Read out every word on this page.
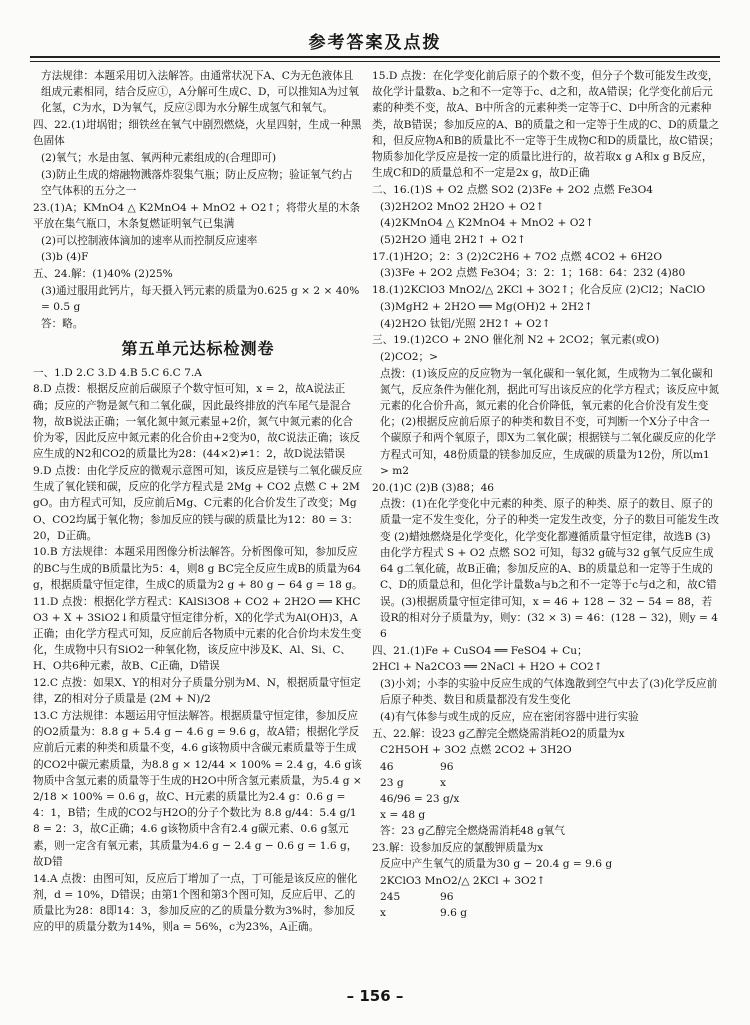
参考答案及点拨

方法规律：本题采用切入法解答。由通常状况下A、C为无色液体且组成元素相同，结合反应①，A分解可生成C、D，可以推知A为过氧化氢，C为水，D为氧气，反应②即为水分解生成氢气和氧气。

四、22.(1)坩埚钳；细铁丝在氧气中剧烈燃烧，火星四射，生成一种黑色固体

(2)氧气；水是由氢、氧两种元素组成的(合理即可)

(3)防止生成的熔融物溅落炸裂集气瓶；防止反应物；验证氧气约占空气体积的五分之一

23.(1)A；KMnO4 △ K2MnO4 + MnO2 + O2↑；将带火星的木条平放在集气瓶口，木条复燃证明氧气已集满

(2)可以控制液体滴加的速率从而控制反应速率

(3)b (4)F

五、24.解：(1)40% (2)25%

(3)通过服用此钙片，每天摄入钙元素的质量为0.625 g × 2 × 40% = 0.5 g

答：略。

第五单元达标检测卷

一、1.D 2.C 3.D 4.B 5.C 6.C 7.A

8.D 点拨：根据反应前后碳原子个数守恒可知，x = 2，故A说法正确；反应的产物是氮气和二氧化碳，因此最终排放的汽车尾气是混合物，故B说法正确；一氧化氮中氮元素显+2价，氮气中氮元素的化合价为零，因此反应中氮元素的化合价由+2变为0，故C说法正确；该反应生成的N2和CO2的质量比为28：(44×2)≠1：2，故D说法错误

9.D 点拨：由化学反应的微观示意图可知，该反应是镁与二氧化碳反应生成了氧化镁和碳，反应的化学方程式是 2Mg + CO2 点燃 C + 2MgO。由方程式可知，反应前后Mg、C元素的化合价发生了改变；MgO、CO2均属于氧化物；参加反应的镁与碳的质量比为12：80 = 3：20，D正确。

10.B 方法规律：本题采用图像分析法解答。分析图像可知，参加反应的BC与生成的B质量比为5：4，则8 g BC完全反应生成B的质量为64 g，根据质量守恒定律，生成C的质量为2 g + 80 g − 64 g = 18 g。

11.D 点拨：根据化学方程式：KAlSi3O8 + CO2 + 2H2O ══ KHCO3 + X + 3SiO2↓和质量守恒定律分析，X的化学式为Al(OH)3，A正确；由化学方程式可知，反应前后各物质中元素的化合价均未发生变化，生成物中只有SiO2一种氧化物，该反应中涉及K、Al、Si、C、H、O共6种元素，故B、C正确，D错误

12.C 点拨：如果X、Y的相对分子质量分别为M、N，根据质量守恒定律，Z的相对分子质量是 (2M + N)/2

13.C 方法规律：本题运用守恒法解答。根据质量守恒定律，参加反应的O2质量为：8.8 g + 5.4 g − 4.6 g = 9.6 g，故A错；根据化学反应前后元素的种类和质量不变，4.6 g该物质中含碳元素质量等于生成的CO2中碳元素质量，为8.8 g × 12/44 × 100% = 2.4 g，4.6 g该物质中含氢元素的质量等于生成的H2O中所含氢元素质量，为5.4 g × 2/18 × 100% = 0.6 g，故C、H元素的质量比为2.4 g：0.6 g = 4：1，B错；生成的CO2与H2O的分子个数比为 8.8 g/44：5.4 g/18 = 2：3，故C正确；4.6 g该物质中含有2.4 g碳元素、0.6 g氢元素，则一定含有氧元素，其质量为4.6 g − 2.4 g − 0.6 g = 1.6 g，故D错

14.A 点拨：由图可知，反应后丁增加了一点，丁可能是该反应的催化剂，d = 10%，D错误；由第1个图和第3个图可知，反应后甲、乙的质量比为28：8即14：3，参加反应的乙的质量分数为3%时，参加反应的甲的质量分数为14%，则a = 56%，c为23%，A正确。

15.D 点拨：在化学变化前后原子的个数不变，但分子个数可能发生改变，故化学计量数a、b之和不一定等于c、d之和，故A错误；化学变化前后元素的种类不变，故A、B中所含的元素种类一定等于C、D中所含的元素种类，故B错误；参加反应的A、B的质量之和一定等于生成的C、D的质量之和，但反应物A和B的质量比不一定等于生成物C和D的质量比，故C错误；物质参加化学反应是按一定的质量比进行的，故若取x g A和x g B反应，生成C和D的质量总和不一定是2x g，故D正确

二、16.(1)S + O2 点燃 SO2 (2)3Fe + 2O2 点燃 Fe3O4

(3)2H2O2 MnO2 2H2O + O2↑

(4)2KMnO4 △ K2MnO4 + MnO2 + O2↑

(5)2H2O 通电 2H2↑ + O2↑

17.(1)H2O；2：3 (2)2C2H6 + 7O2 点燃 4CO2 + 6H2O

(3)3Fe + 2O2 点燃 Fe3O4；3：2：1；168：64：232 (4)80

18.(1)2KClO3 MnO2/△ 2KCl + 3O2↑；化合反应 (2)Cl2；NaClO

(3)MgH2 + 2H2O ══ Mg(OH)2 + 2H2↑

(4)2H2O 钛铝/光照 2H2↑ + O2↑

三、19.(1)2CO + 2NO 催化剂 N2 + 2CO2；氧元素(或O)

(2)CO2；>

点拨：(1)该反应的反应物为一氧化碳和一氧化氮，生成物为二氧化碳和氮气，反应条件为催化剂，据此可写出该反应的化学方程式；该反应中氮元素的化合价升高，氮元素的化合价降低，氧元素的化合价没有发生变化；(2)根据反应前后原子的种类和数目不变，可判断一个X分子中含一个碳原子和两个氧原子，即X为二氧化碳；根据镁与二氧化碳反应的化学方程式可知，48份质量的镁参加反应，生成碳的质量为12份，所以m1 > m2

20.(1)C (2)B (3)88；46

点拨：(1)在化学变化中元素的种类、原子的种类、原子的数目、原子的质量一定不发生变化，分子的种类一定发生改变，分子的数目可能发生改变 (2)蜡烛燃烧是化学变化，化学变化都遵循质量守恒定律，故选B (3)由化学方程式 S + O2 点燃 SO2 可知，每32 g硫与32 g氧气反应生成64 g二氧化硫，故B正确；参加反应的A、B的质量总和一定等于生成的C、D的质量总和，但化学计量数a与b之和不一定等于c与d之和，故C错误。(3)根据质量守恒定律可知，x = 46 + 128 − 32 − 54 = 88，若设R的相对分子质量为y，则y：(32 × 3) = 46：(128 − 32)，则y = 46

四、21.(1)Fe + CuSO4 ══ FeSO4 + Cu；

2HCl + Na2CO3 ══ 2NaCl + H2O + CO2↑

(3)小刘；小李的实验中反应生成的气体逸散到空气中去了(3)化学反应前后原子种类、数目和质量都没有发生变化

(4)有气体参与或生成的反应，应在密闭容器中进行实验

五、22.解：设23 g乙醇完全燃烧需消耗O2的质量为x

C2H5OH + 3O2 点燃 2CO2 + 3H2O

46	96
23 g	x

46/96 = 23 g/x

x = 48 g

答：23 g乙醇完全燃烧需消耗48 g氧气

23.解：设参加反应的氯酸钾质量为x

反应中产生氧气的质量为30 g − 20.4 g = 9.6 g

2KClO3 MnO2/△ 2KCl + 3O2↑

245	96
x	9.6 g
– 156 –
